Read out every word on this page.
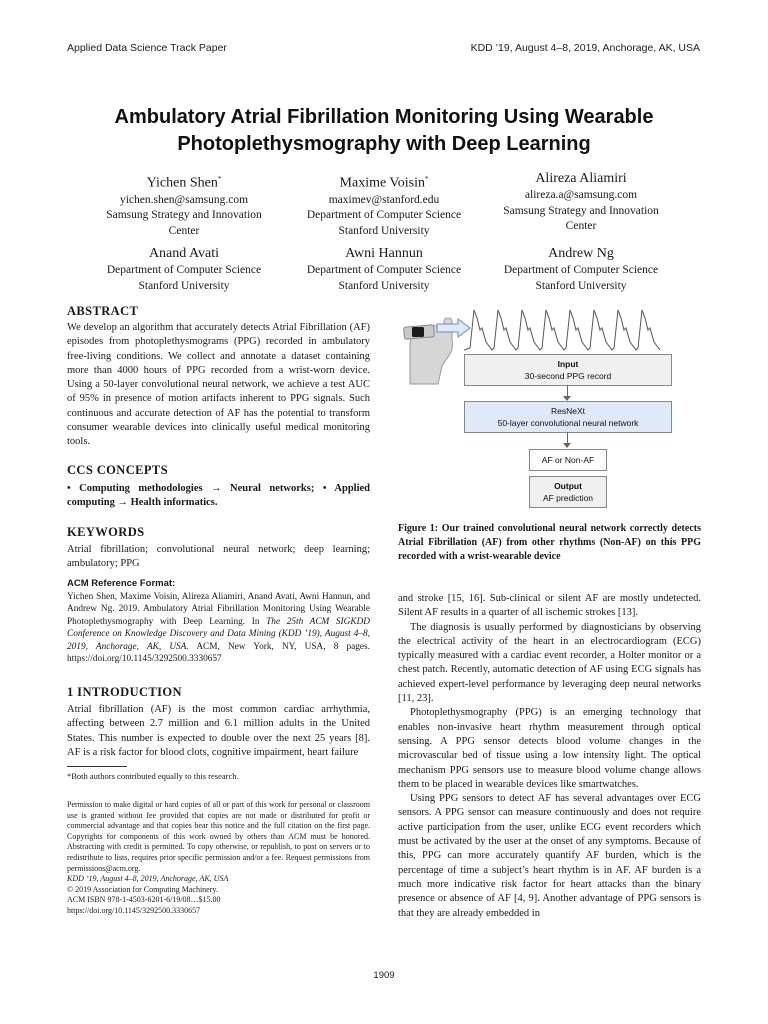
Applied Data Science Track Paper	KDD ’19, August 4–8, 2019, Anchorage, AK, USA
Ambulatory Atrial Fibrillation Monitoring Using Wearable
Photoplethysmography with Deep Learning
Yichen Shen*
yichen.shen@samsung.com
Samsung Strategy and Innovation
Center
Maxime Voisin*
maximev@stanford.edu
Department of Computer Science
Stanford University
Alireza Aliamiri
alireza.a@samsung.com
Samsung Strategy and Innovation
Center
Anand Avati
Department of Computer Science
Stanford University
Awni Hannun
Department of Computer Science
Stanford University
Andrew Ng
Department of Computer Science
Stanford University
ABSTRACT
We develop an algorithm that accurately detects Atrial Fibrillation (AF) episodes from photoplethysmograms (PPG) recorded in ambulatory free-living conditions. We collect and annotate a dataset containing more than 4000 hours of PPG recorded from a wrist-worn device. Using a 50-layer convolutional neural network, we achieve a test AUC of 95% in presence of motion artifacts inherent to PPG signals. Such continuous and accurate detection of AF has the potential to transform consumer wearable devices into clinically useful medical monitoring tools.
CCS CONCEPTS
• Computing methodologies → Neural networks; • Applied computing → Health informatics.
KEYWORDS
Atrial fibrillation; convolutional neural network; deep learning; ambulatory; PPG
ACM Reference Format:
Yichen Shen, Maxime Voisin, Alireza Aliamiri, Anand Avati, Awni Hannun, and Andrew Ng. 2019. Ambulatory Atrial Fibrillation Monitoring Using Wearable Photoplethysmography with Deep Learning. In The 25th ACM SIGKDD Conference on Knowledge Discovery and Data Mining (KDD ’19), August 4–8, 2019, Anchorage, AK, USA. ACM, New York, NY, USA, 8 pages. https://doi.org/10.1145/3292500.3330657
1 INTRODUCTION
Atrial fibrillation (AF) is the most common cardiac arrhythmia, affecting between 2.7 million and 6.1 million adults in the United States. This number is expected to double over the next 25 years [8]. AF is a risk factor for blood clots, cognitive impairment, heart failure
*Both authors contributed equally to this research.
Permission to make digital or hard copies of all or part of this work for personal or classroom use is granted without fee provided that copies are not made or distributed for profit or commercial advantage and that copies bear this notice and the full citation on the first page. Copyrights for components of this work owned by others than ACM must be honored. Abstracting with credit is permitted. To copy otherwise, or republish, to post on servers or to redistribute to lists, requires prior specific permission and/or a fee. Request permissions from permissions@acm.org.
KDD ’19, August 4–8, 2019, Anchorage, AK, USA
© 2019 Association for Computing Machinery.
ACM ISBN 978-1-4503-6201-6/19/08…$15.00
https://doi.org/10.1145/3292500.3330657
Input
30-second PPG record
ResNeXt
50-layer convolutional neural network
AF or Non-AF
Output
AF prediction
Figure 1: Our trained convolutional neural network correctly detects Atrial Fibrillation (AF) from other rhythms (Non-AF) on this PPG recorded with a wrist-wearable device

and stroke [15, 16]. Sub-clinical or silent AF are mostly undetected. Silent AF results in a quarter of all ischemic strokes [13].

The diagnosis is usually performed by diagnosticians by observing the electrical activity of the heart in an electrocardiogram (ECG) typically measured with a cardiac event recorder, a Holter monitor or a chest patch. Recently, automatic detection of AF using ECG signals has achieved expert-level performance by leveraging deep neural networks [11, 23].

Photoplethysmography (PPG) is an emerging technology that enables non-invasive heart rhythm measurement through optical sensing. A PPG sensor detects blood volume changes in the microvascular bed of tissue using a low intensity light. The optical mechanism PPG sensors use to measure blood volume change allows them to be placed in wearable devices like smartwatches.

Using PPG sensors to detect AF has several advantages over ECG sensors. A PPG sensor can measure continuously and does not require active participation from the user, unlike ECG event recorders which must be activated by the user at the onset of any symptoms. Because of this, PPG can more accurately quantify AF burden, which is the percentage of time a subject’s heart rhythm is in AF. AF burden is a much more indicative risk factor for heart attacks than the binary presence or absence of AF [4, 9]. Another advantage of PPG sensors is that they are already embedded in

1909
